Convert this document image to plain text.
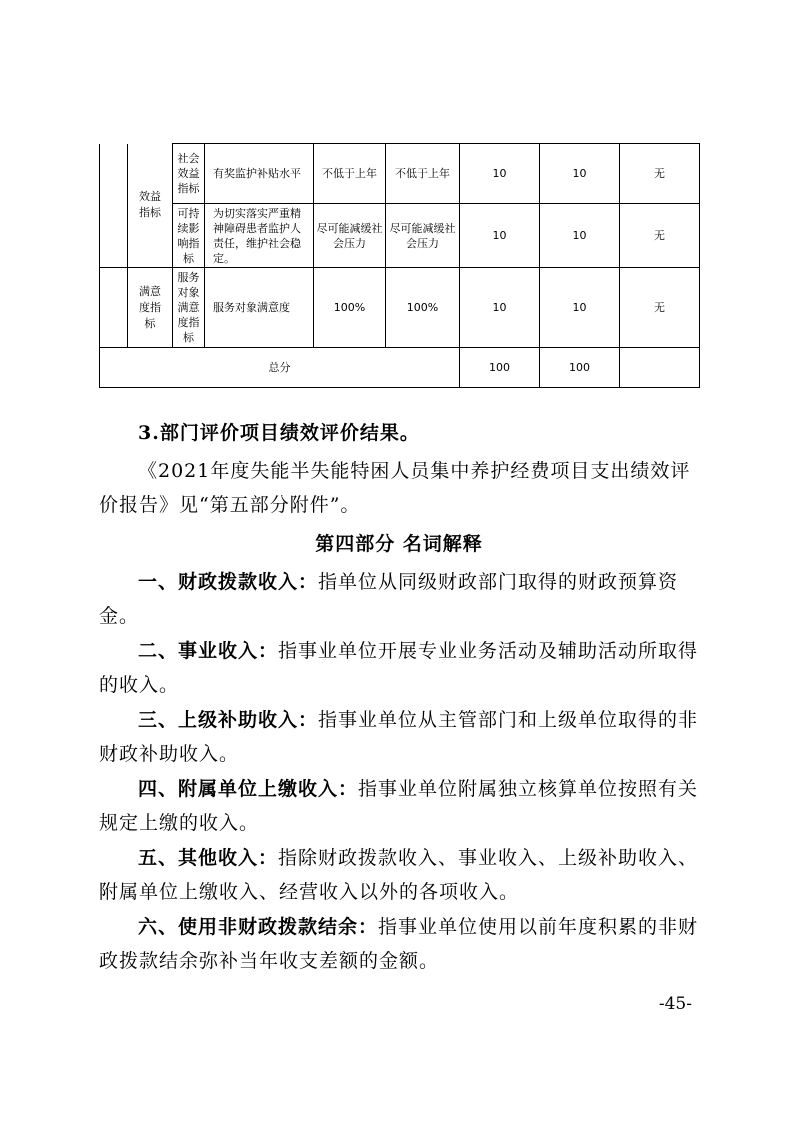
	效益指标	社会效益指标	有奖监护补贴水平	不低于上年	不低于上年	10	10	无
		可持续影响指标	为切实落实严重精神障碍患者监护人责任，维护社会稳定。	尽可能减缓社会压力	尽可能减缓社会压力	10	10	无
	满意度指标	服务对象满意度指标	服务对象满意度	100%	100%	10	10	无
总分						100	100	

3.部门评价项目绩效评价结果。

《2021年度失能半失能特困人员集中养护经费项目支出绩效评价报告》见“第五部分附件”。

第四部分 名词解释

一、财政拨款收入：指单位从同级财政部门取得的财政预算资金。

二、事业收入：指事业单位开展专业业务活动及辅助活动所取得的收入。

三、上级补助收入：指事业单位从主管部门和上级单位取得的非财政补助收入。

四、附属单位上缴收入：指事业单位附属独立核算单位按照有关规定上缴的收入。

五、其他收入：指除财政拨款收入、事业收入、上级补助收入、附属单位上缴收入、经营收入以外的各项收入。

六、使用非财政拨款结余：指事业单位使用以前年度积累的非财政拨款结余弥补当年收支差额的金额。

-45-
